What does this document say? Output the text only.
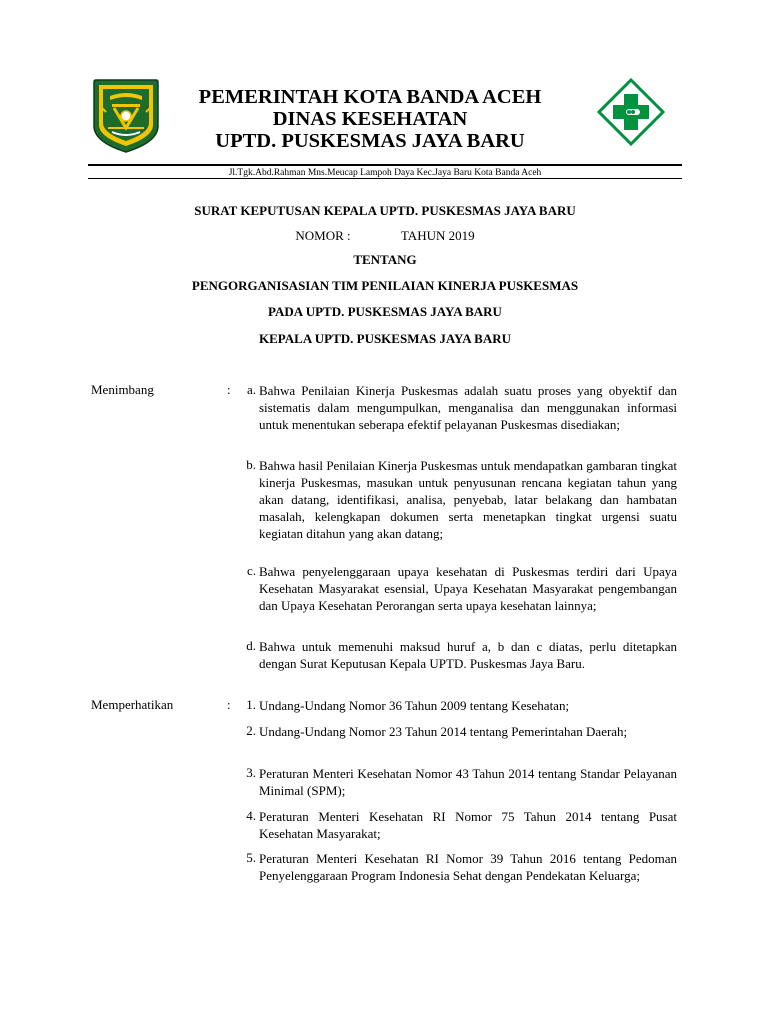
PEMERINTAH KOTA BANDA ACEH
DINAS KESEHATAN
UPTD. PUSKESMAS JAYA BARU
Jl.Tgk.Abd.Rahman Mns.Meucap Lampoh Daya Kec.Jaya Baru Kota Banda Aceh
SURAT KEPUTUSAN KEPALA UPTD. PUSKESMAS JAYA BARU
NOMOR :	TAHUN 2019
TENTANG
PENGORGANISASIAN TIM PENILAIAN KINERJA PUSKESMAS
PADA UPTD. PUSKESMAS JAYA BARU
KEPALA UPTD. PUSKESMAS JAYA BARU
Menimbang	:	a. Bahwa Penilaian Kinerja Puskesmas adalah suatu proses yang obyektif dan sistematis dalam mengumpulkan, menganalisa dan menggunakan informasi untuk menentukan seberapa efektif pelayanan Puskesmas disediakan;
b. Bahwa hasil Penilaian Kinerja Puskesmas untuk mendapatkan gambaran tingkat kinerja Puskesmas, masukan untuk penyusunan rencana kegiatan tahun yang akan datang, identifikasi, analisa, penyebab, latar belakang dan hambatan masalah, kelengkapan dokumen serta menetapkan tingkat urgensi suatu kegiatan ditahun yang akan datang;
c. Bahwa penyelenggaraan upaya kesehatan di Puskesmas terdiri dari Upaya Kesehatan Masyarakat esensial, Upaya Kesehatan Masyarakat pengembangan dan Upaya Kesehatan Perorangan serta upaya kesehatan lainnya;
d. Bahwa untuk memenuhi maksud huruf a, b dan c diatas, perlu ditetapkan dengan Surat Keputusan Kepala UPTD. Puskesmas Jaya Baru.
Memperhatikan	:	1. Undang-Undang Nomor 36 Tahun 2009 tentang Kesehatan;
2. Undang-Undang Nomor 23 Tahun 2014 tentang Pemerintahan Daerah;
3. Peraturan Menteri Kesehatan Nomor 43 Tahun 2014 tentang Standar Pelayanan Minimal (SPM);
4. Peraturan Menteri Kesehatan RI Nomor 75 Tahun 2014 tentang Pusat Kesehatan Masyarakat;
5. Peraturan Menteri Kesehatan RI Nomor 39 Tahun 2016 tentang Pedoman Penyelenggaraan Program Indonesia Sehat dengan Pendekatan Keluarga;
